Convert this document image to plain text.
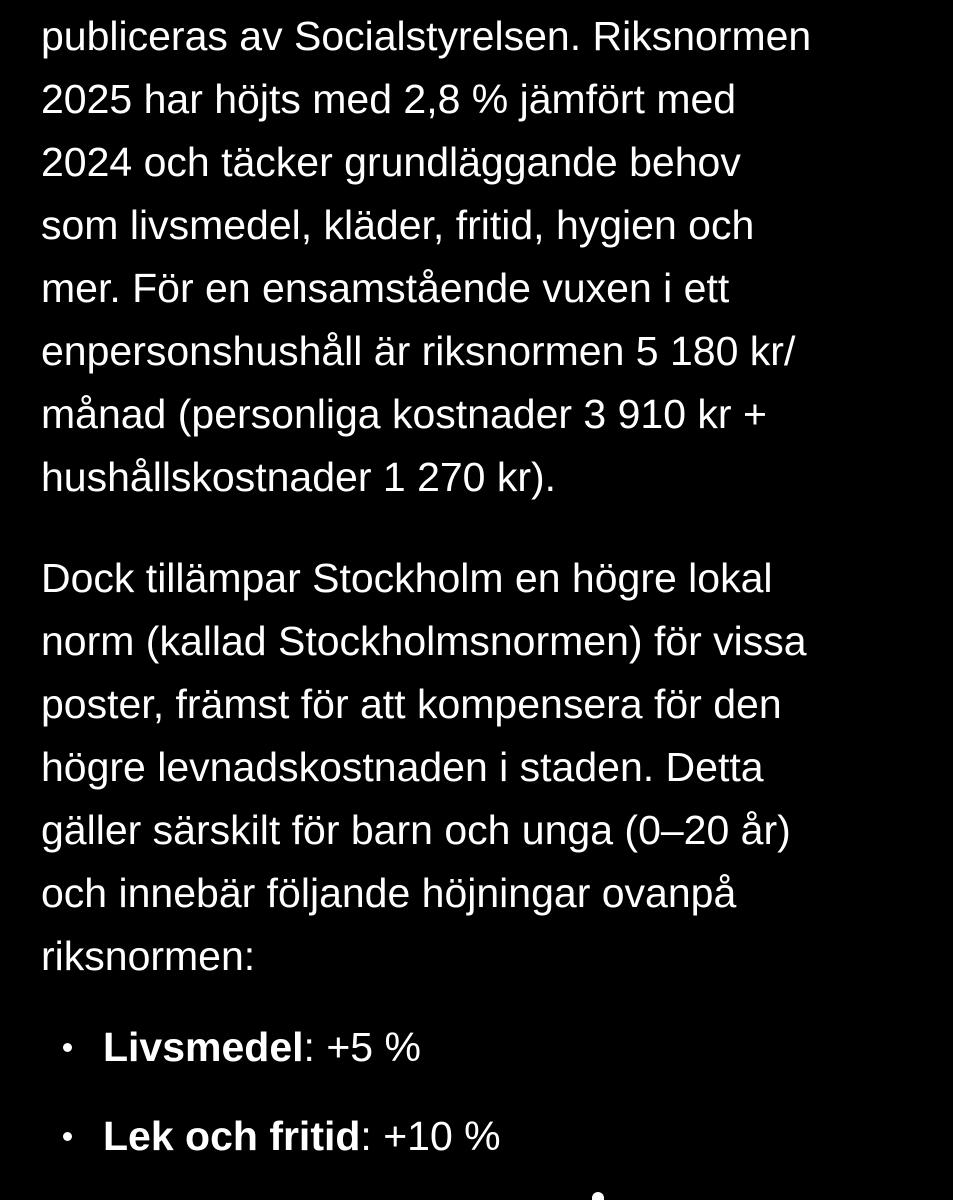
publiceras av Socialstyrelsen. Riksnormen
2025 har höjts med 2,8 % jämfört med
2024 och täcker grundläggande behov
som livsmedel, kläder, fritid, hygien och
mer. För en ensamstående vuxen i ett
enpersonshushåll är riksnormen 5 180 kr/
månad (personliga kostnader 3 910 kr +
hushållskostnader 1 270 kr).

Dock tillämpar Stockholm en högre lokal
norm (kallad Stockholmsnormen) för vissa
poster, främst för att kompensera för den
högre levnadskostnaden i staden. Detta
gäller särskilt för barn och unga (0–20 år)
och innebär följande höjningar ovanpå
riksnormen:

Livsmedel: +5 %
Lek och fritid: +10 %
